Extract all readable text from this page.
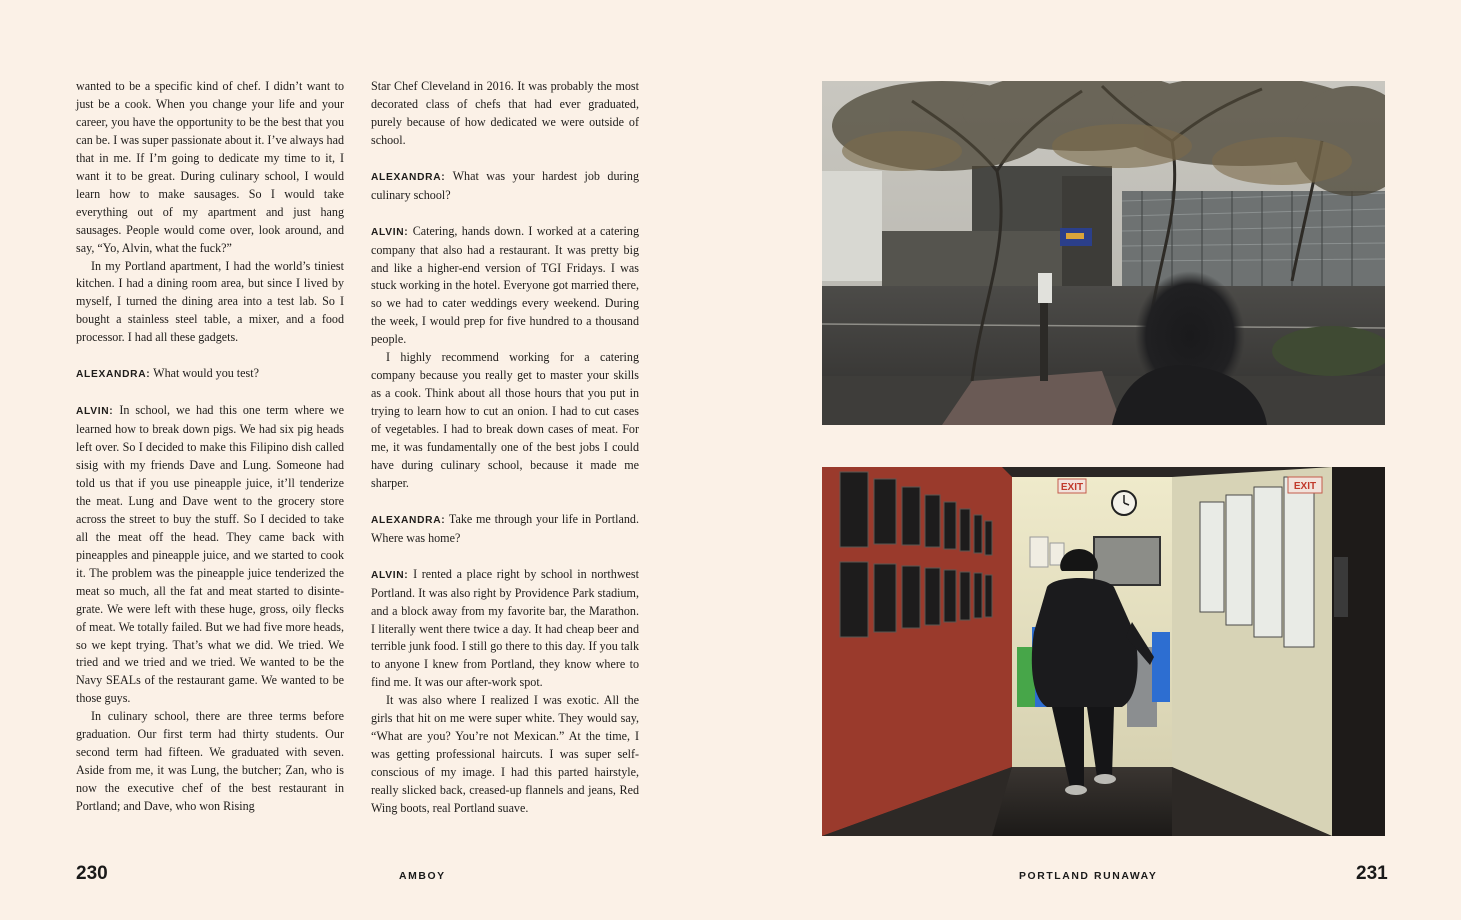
wanted to be a specific kind of chef. I didn’t want to just be a cook. When you change your life and your career, you have the opportunity to be the best that you can be. I was super passionate about it. I’ve always had that in me. If I’m going to dedicate my time to it, I want it to be great. During culinary school, I would learn how to make sausages. So I would take everything out of my apartment and just hang sausages. People would come over, look around, and say, “Yo, Alvin, what the fuck?”

In my Portland apartment, I had the world’s tiniest kitchen. I had a dining room area, but since I lived by myself, I turned the dining area into a test lab. So I bought a stainless steel table, a mixer, and a food processor. I had all these gadgets.

ALEXANDRA: What would you test?

ALVIN: In school, we had this one term where we learned how to break down pigs. We had six pig heads left over. So I decided to make this Filipino dish called sisig with my friends Dave and Lung. Someone had told us that if you use pineapple juice, it’ll tenderize the meat. Lung and Dave went to the grocery store across the street to buy the stuff. So I decided to take all the meat off the head. They came back with pineapples and pineapple juice, and we started to cook it. The problem was the pineapple juice tenderized the meat so much, all the fat and meat started to disintegrate. We were left with these huge, gross, oily flecks of meat. We totally failed. But we had five more heads, so we kept trying. That’s what we did. We tried. We tried and we tried and we tried. We wanted to be the Navy SEALs of the restaurant game. We wanted to be those guys.

In culinary school, there are three terms before graduation. Our first term had thirty students. Our second term had fifteen. We graduated with seven. Aside from me, it was Lung, the butcher; Zan, who is now the executive chef of the best restaurant in Portland; and Dave, who won Rising

Star Chef Cleveland in 2016. It was probably the most decorated class of chefs that had ever graduated, purely because of how dedicated we were outside of school.

ALEXANDRA: What was your hardest job during culinary school?

ALVIN: Catering, hands down. I worked at a catering company that also had a restaurant. It was pretty big and like a higher-end version of TGI Fridays. I was stuck working in the hotel. Everyone got married there, so we had to cater weddings every weekend. During the week, I would prep for five hundred to a thousand people.

I highly recommend working for a catering company because you really get to master your skills as a cook. Think about all those hours that you put in trying to learn how to cut an onion. I had to cut cases of vegetables. I had to break down cases of meat. For me, it was fundamentally one of the best jobs I could have during culinary school, because it made me sharper.

ALEXANDRA: Take me through your life in Portland. Where was home?

ALVIN: I rented a place right by school in northwest Portland. It was also right by Providence Park stadium, and a block away from my favorite bar, the Marathon. I literally went there twice a day. It had cheap beer and terrible junk food. I still go there to this day. If you talk to anyone I knew from Portland, they know where to find me. It was our after-work spot.

It was also where I realized I was exotic. All the girls that hit on me were super white. They would say, “What are you? You’re not Mexican.” At the time, I was getting professional haircuts. I was super self-conscious of my image. I had this parted hairstyle, really slicked back, creased-up flannels and jeans, Red Wing boots, real Portland suave.

EXIT	EXIT
230	AMBOY	PORTLAND RUNAWAY	231
